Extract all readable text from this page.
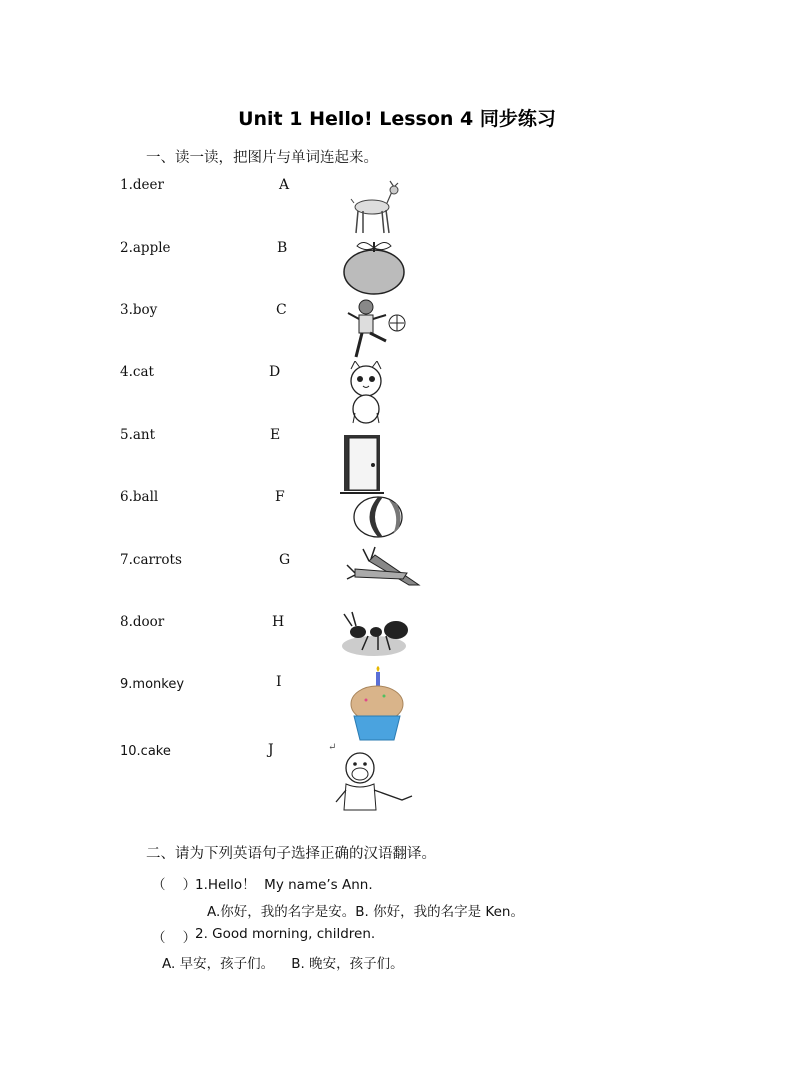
Unit 1 Hello! Lesson 4 同步练习
一、读一读，把图片与单词连起来。
1.deer
2.apple
3.boy
4.cat
5.ant
6.ball
7.carrots
8.door
9.monkey
10.cake
A
B
C
D
E
F
G
H
I
J	↵
二、请为下列英语句子选择正确的汉语翻译。
（    ）
1.Hello！  My name’s Ann.
A.你好，我的名字是安。B. 你好，我的名字是 Ken。
（    ）
2. Good morning, children.
A. 早安，孩子们。    B. 晚安，孩子们。
